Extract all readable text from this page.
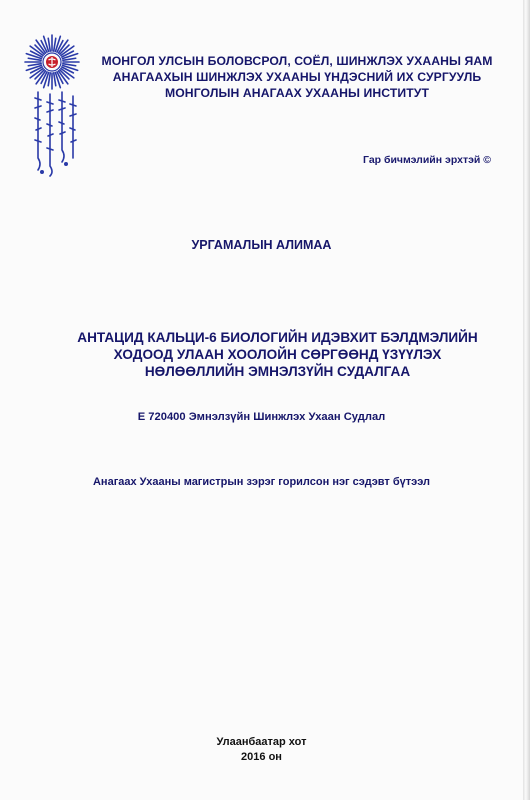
МОНГОЛ УЛСЫН БОЛОВСРОЛ, СОЁЛ, ШИНЖЛЭХ УХААНЫ ЯАМ
АНАГААХЫН ШИНЖЛЭХ УХААНЫ ҮНДЭСНИЙ ИХ СУРГУУЛЬ
МОНГОЛЫН АНАГААХ УХААНЫ ИНСТИТУТ
Гар бичмэлийн эрхтэй ©
УРГАМАЛЫН АЛИМАА
АНТАЦИД КАЛЬЦИ-6 БИОЛОГИЙН ИДЭВХИТ БЭЛДМЭЛИЙН
ХОДООД УЛААН ХООЛОЙН СӨРГӨӨНД ҮЗҮҮЛЭХ
НӨЛӨӨЛЛИЙН ЭМНЭЛЗҮЙН СУДАЛГАА
Е 720400 Эмнэлзүйн Шинжлэх Ухаан Судлал
Анагаах Ухааны магистрын зэрэг горилсон нэг сэдэвт бүтээл
Улаанбаатар хот
2016 он
